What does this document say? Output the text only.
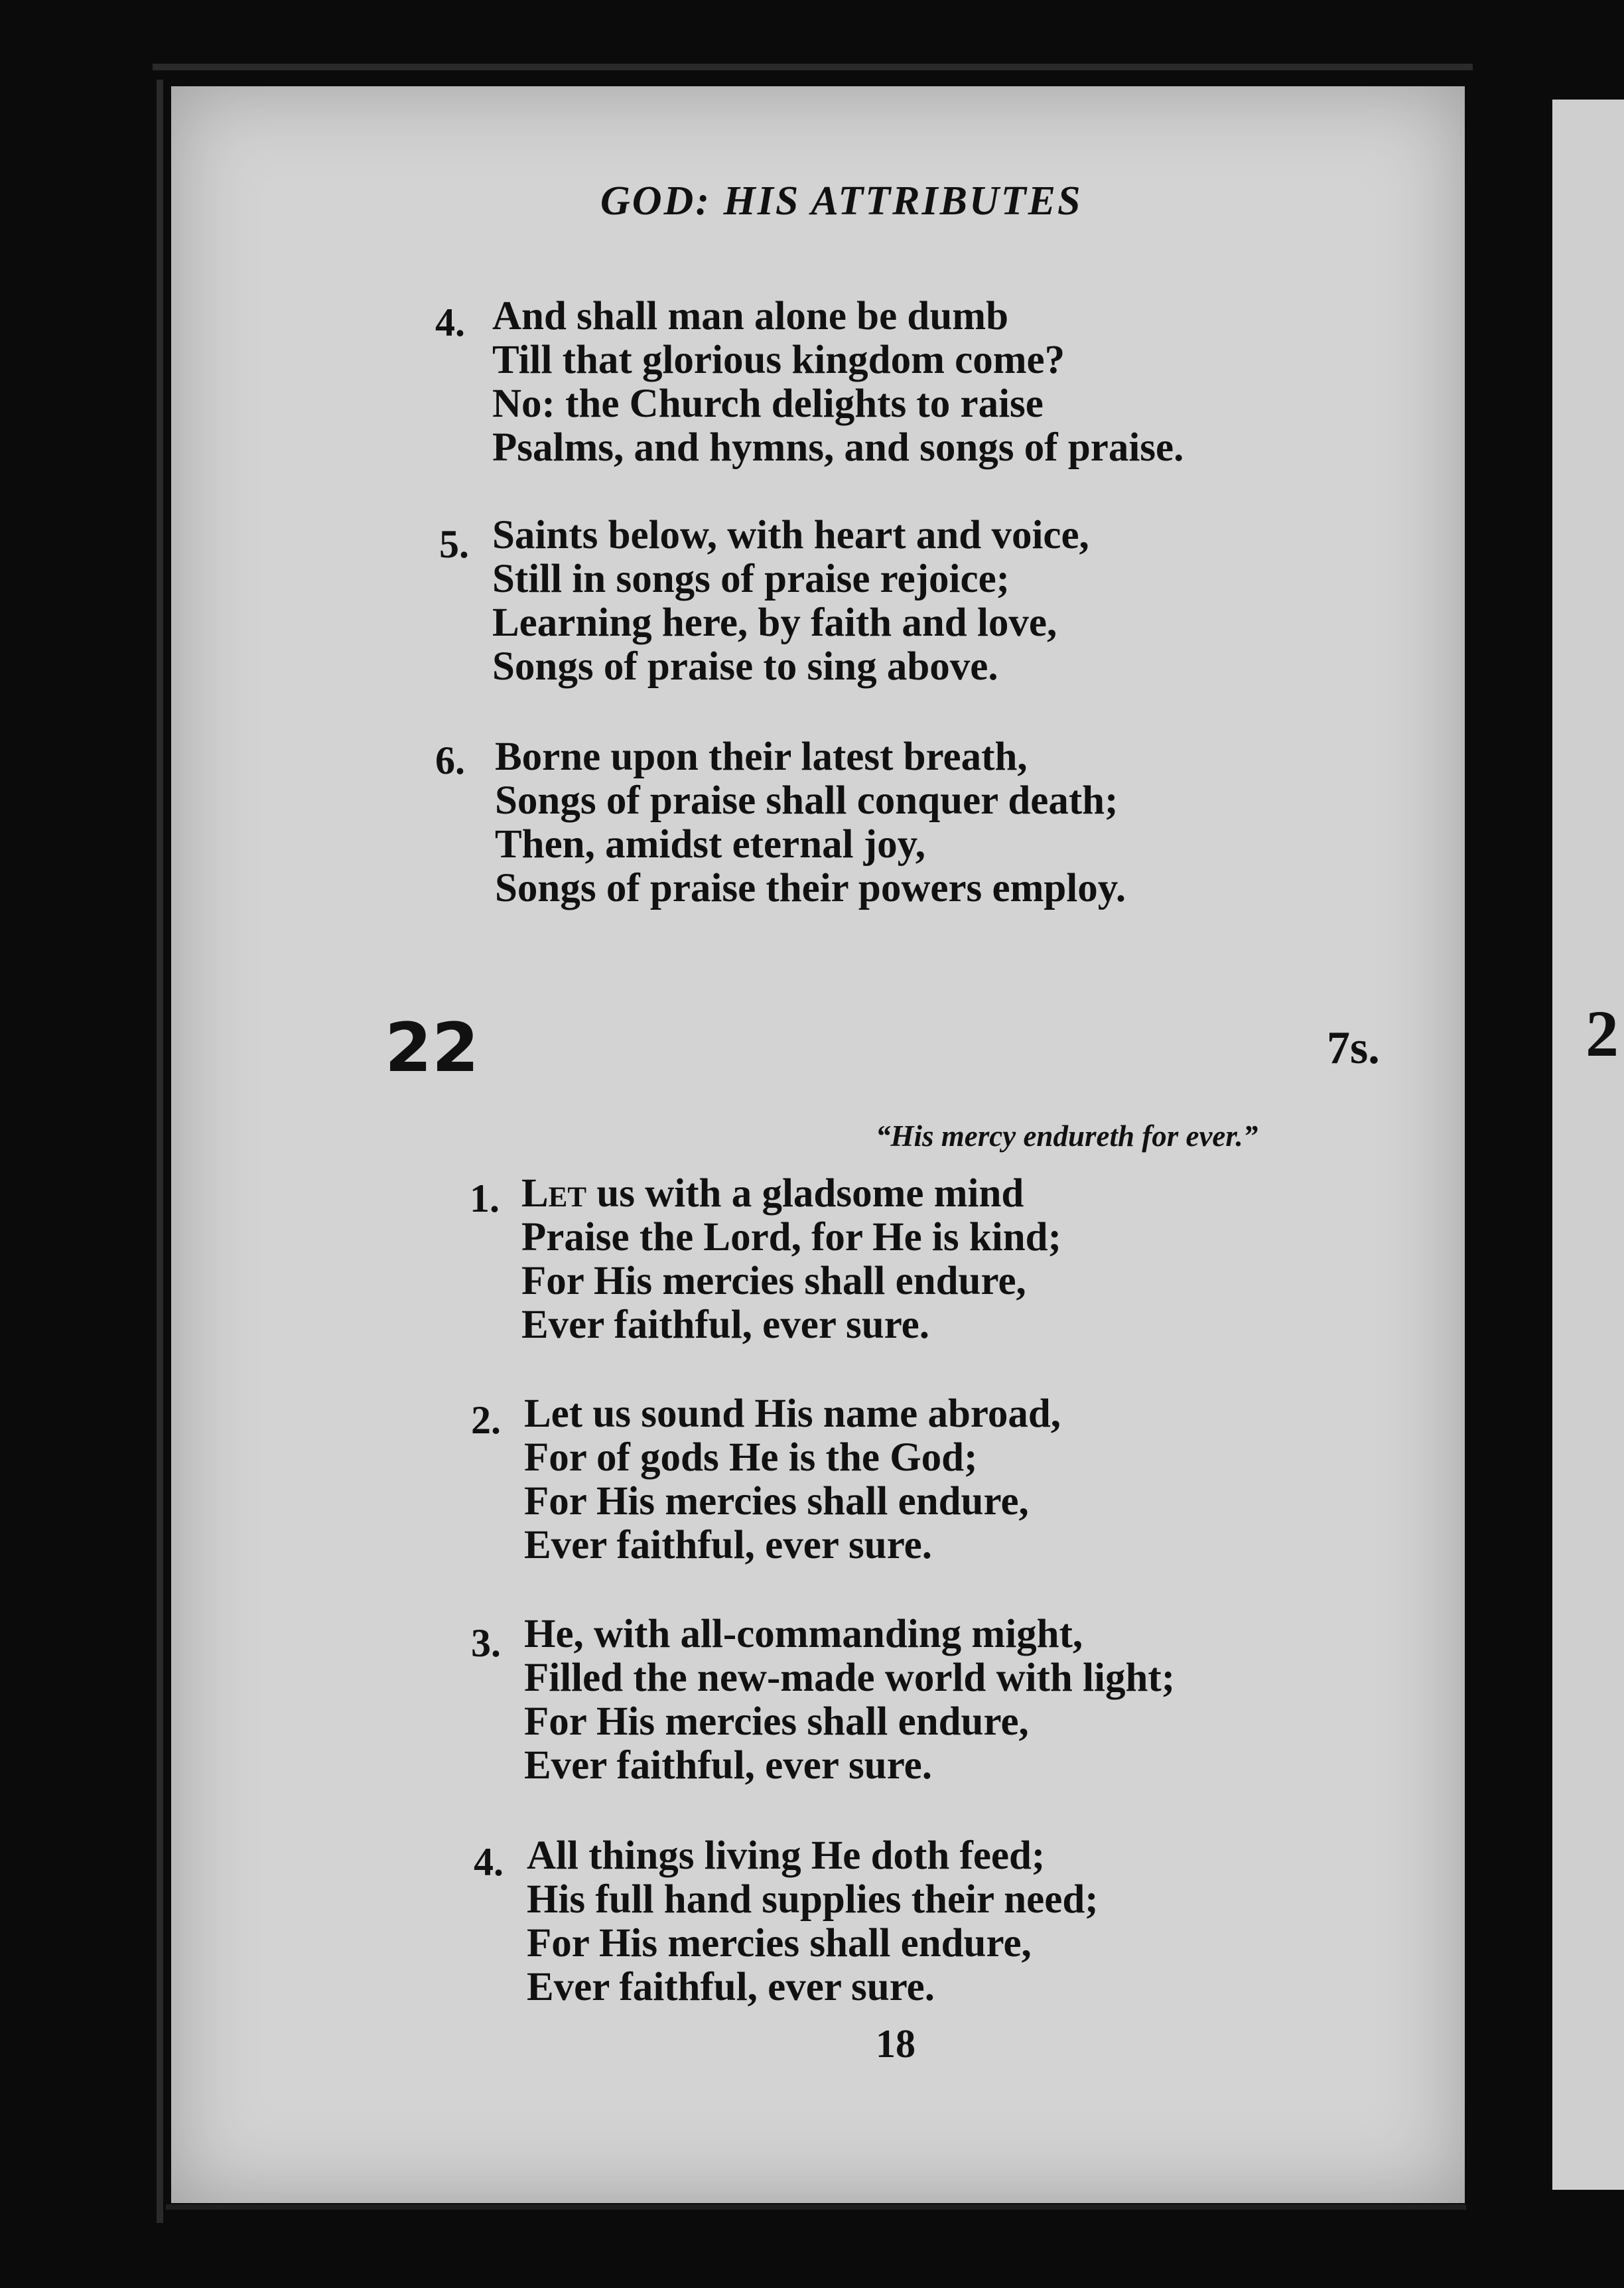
2
GOD: HIS ATTRIBUTES
4. And shall man alone be dumb
Till that glorious kingdom come?
No: the Church delights to raise
Psalms, and hymns, and songs of praise.
5. Saints below, with heart and voice,
Still in songs of praise rejoice;
Learning here, by faith and love,
Songs of praise to sing above.
6. Borne upon their latest breath,
Songs of praise shall conquer death;
Then, amidst eternal joy,
Songs of praise their powers employ.
22	7s.
“His mercy endureth for ever.”
1. Let us with a gladsome mind
Praise the Lord, for He is kind;
For His mercies shall endure,
Ever faithful, ever sure.
2. Let us sound His name abroad,
For of gods He is the God;
For His mercies shall endure,
Ever faithful, ever sure.
3. He, with all-commanding might,
Filled the new-made world with light;
For His mercies shall endure,
Ever faithful, ever sure.
4. All things living He doth feed;
His full hand supplies their need;
For His mercies shall endure,
Ever faithful, ever sure.
18
